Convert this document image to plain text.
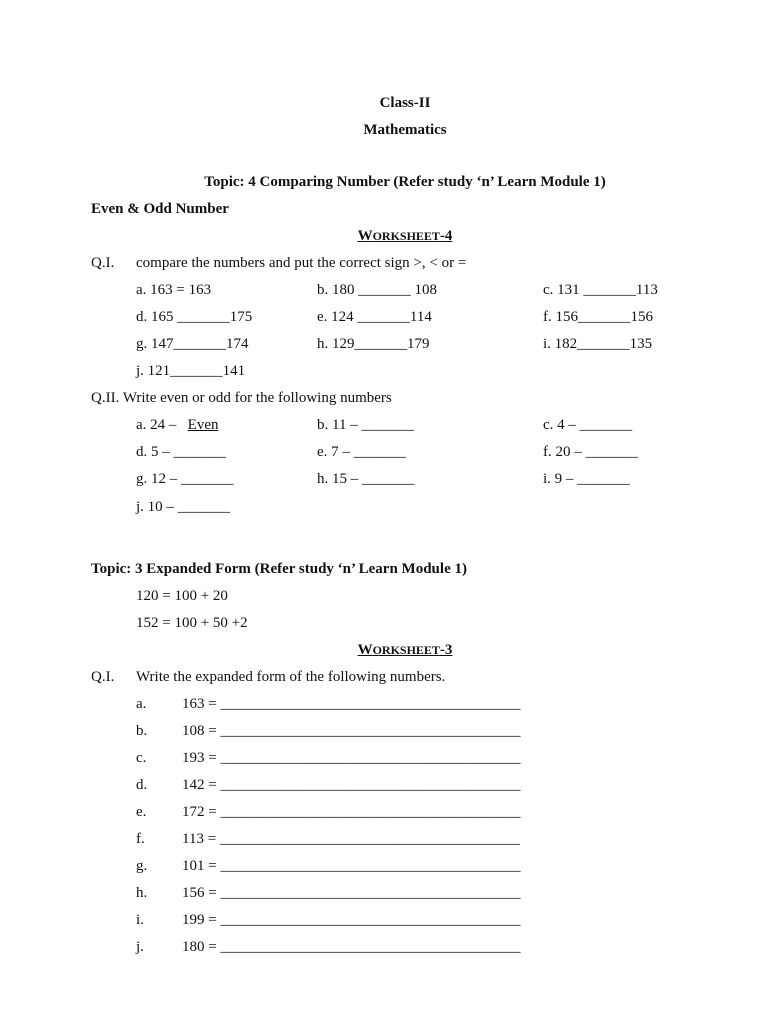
Class-II
Mathematics
Topic: 4 Comparing Number (Refer study ‘n’ Learn Module 1)
Even & Odd Number
WORKSHEET-4
Q.I. compare the numbers and put the correct sign >, < or =
a. 163 = 163	b. 180 _______ 108	c. 131 _______113
d. 165 _______175	e. 124 _______114	f. 156_______156
g. 147_______174	h. 129_______179	i. 182_______135
j. 121_______141
Q.II. Write even or odd for the following numbers
a. 24 – Even	b. 11 – _______	c. 4 – _______
d. 5 – _______	e. 7 – _______	f. 20 – _______
g. 12 – _______	h. 15 – _______	i. 9 – _______
j. 10 – _______
Topic: 3 Expanded Form (Refer study ‘n’ Learn Module 1)
120 = 100 + 20
152 = 100 + 50 +2
WORKSHEET-3
Q.I. Write the expanded form of the following numbers.
a. 163 = ________________________________________
b. 108 = ________________________________________
c. 193 = ________________________________________
d. 142 = ________________________________________
e. 172 = ________________________________________
f. 113 = ________________________________________
g. 101 = ________________________________________
h. 156 = ________________________________________
i.	199 = ________________________________________
j.	180 = ________________________________________
